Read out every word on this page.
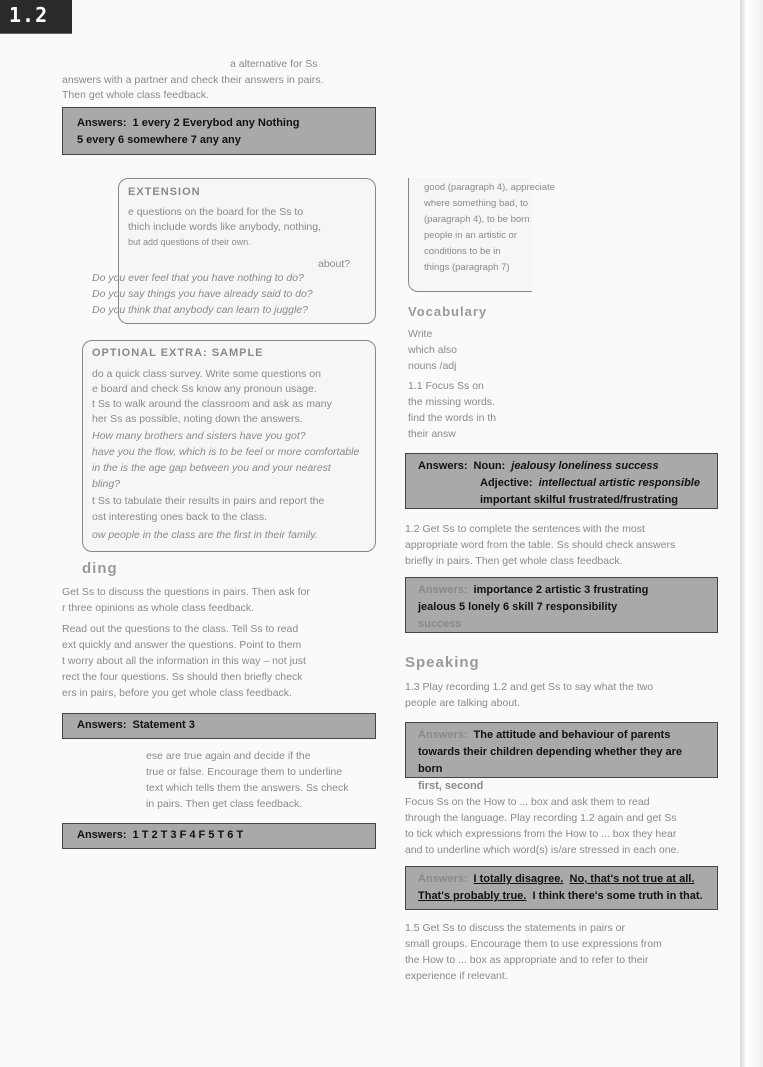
1.2
a alternative for Ss
answers with a partner and check their answers in pairs.
Then get whole class feedback.
Answers: 1 every 2 Everybod any Nothing
5 every 6 somewhere 7 any any
EXTENSION
e questions on the board for the Ss to
thich include words like anybody, nothing,
but add questions of their own.
about?
Do you ever feel that you have nothing to do?
Do you say things you have already said to do?
Do you think that anybody can learn to juggle?
OPTIONAL EXTRA: SAMPLE
do a quick class survey. Write some questions on
e board and check Ss know any pronoun usage.
t Ss to walk around the classroom and ask as many
her Ss as possible, noting down the answers.
How many brothers and sisters have you got?
have you the flow, which is to be feel or more comfortable
in the is the age gap between you and your nearest
bling?
t Ss to tabulate their results in pairs and report the
ost interesting ones back to the class.
ow people in the class are the first in their family.
ding
Get Ss to discuss the questions in pairs. Then ask for
r three opinions as whole class feedback.
Read out the questions to the class. Tell Ss to read
ext quickly and answer the questions. Point to them
t worry about all the information in this way – not just
rect the four questions. Ss should then briefly check
ers in pairs, before you get whole class feedback.
Answers: Statement 3
ese are true again and decide if the
true or false. Encourage them to underline
text which tells them the answers. Ss check
in pairs. Then get class feedback.
Answers: 1 T 2 T 3 F 4 F 5 T 6 T
good (paragraph 4), appreciate
where something bad, to
(paragraph 4), to be born
people in an artistic or
conditions to be in
things (paragraph 7)
Vocabulary
Write
which also
nouns /adj
1.1 Focus Ss on
the missing words.
find the words in th
their answ
Answers: Noun: jealousy loneliness success
Adjective: intellectual artistic responsible
important skilful frustrated/frustrating
1.2 Get Ss to complete the sentences with the most
appropriate word from the table. Ss should check answers
briefly in pairs. Then get whole class feedback.
Answers: importance 2 artistic 3 frustrating
jealous 5 lonely 6 skill 7 responsibility
success
Speaking
1.3 Play recording 1.2 and get Ss to say what the two
people are talking about.
Answers: The attitude and behaviour of parents
towards their children depending whether they are born
first, second
Focus Ss on the How to ... box and ask them to read
through the language. Play recording 1.2 again and get Ss
to tick which expressions from the How to ... box they hear
and to underline which word(s) is/are stressed in each one.
Answers: I totally disagree. No, that's not true at all.
That's probably true. I think there's some truth in that.
1.5 Get Ss to discuss the statements in pairs or
small groups. Encourage them to use expressions from
the How to ... box as appropriate and to refer to their
experience if relevant.
